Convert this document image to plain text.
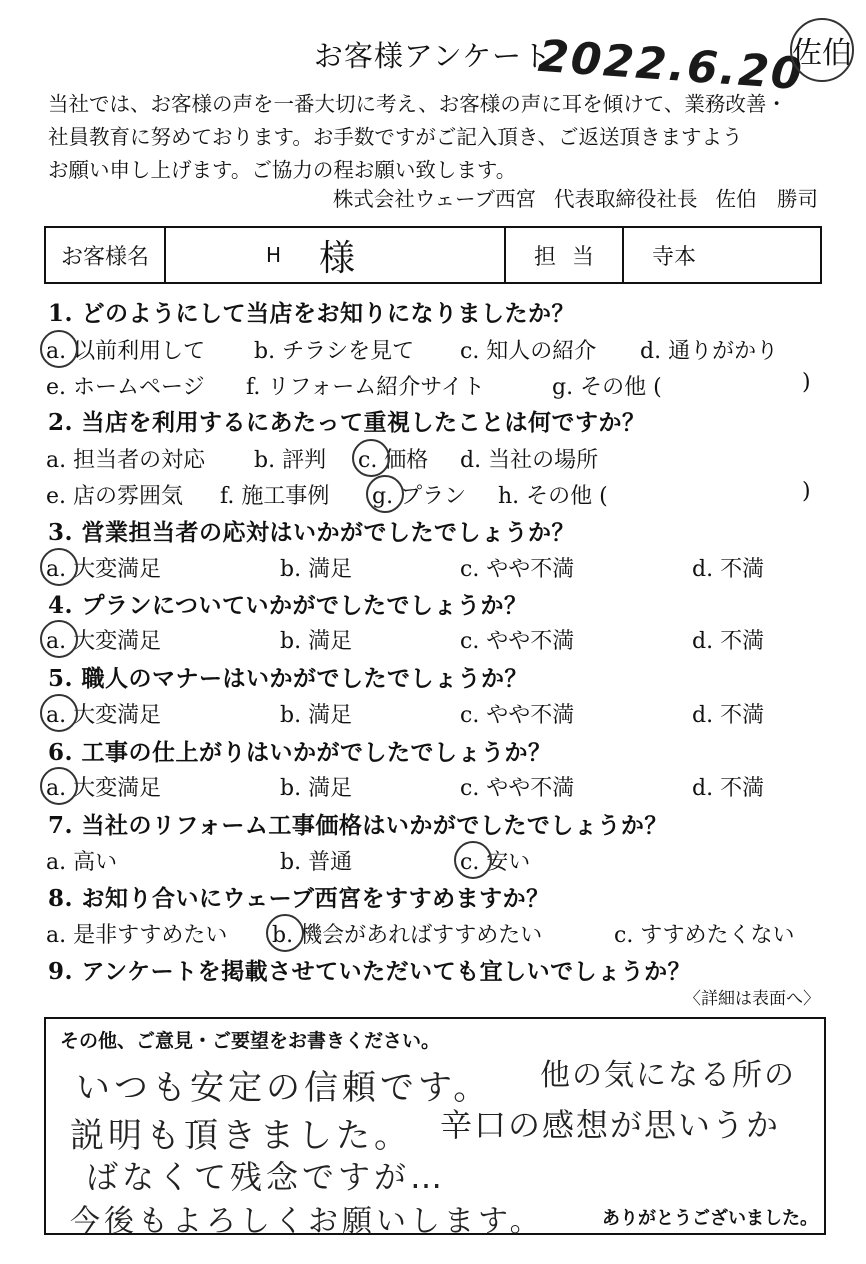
お客様アンケート
2022.6.20
佐伯
当社では、お客様の声を一番大切に考え、お客様の声に耳を傾けて、業務改善・
社員教育に努めております。お手数ですがご記入頂き、ご返送頂きますよう
お願い申し上げます。ご協力の程お願い致します。
株式会社ウェーブ西宮 代表取締役社長 佐伯　勝司
お客様名	H 様	担当	寺本
1. どのようにして当店をお知りになりましたか？
a. 以前利用して b. チラシを見て c. 知人の紹介 d. 通りがかり
e. ホームページ f. リフォーム紹介サイト	g. その他 (	)
2. 当店を利用するにあたって重視したことは何ですか？
a. 担当者の対応 b. 評判 c. 価格 d. 当社の場所
e. 店の雰囲気 f. 施工事例 g. プラン h. その他 (	)
3. 営業担当者の応対はいかがでしたでしょうか？
a. 大変満足	b. 満足	c. やや不満	d. 不満
4. プランについていかがでしたでしょうか？
a. 大変満足	b. 満足	c. やや不満	d. 不満
5. 職人のマナーはいかがでしたでしょうか？
a. 大変満足	b. 満足	c. やや不満	d. 不満
6. 工事の仕上がりはいかがでしたでしょうか？
a. 大変満足	b. 満足	c. やや不満	d. 不満
7. 当社のリフォーム工事価格はいかがでしたでしょうか？
a. 高い	b. 普通	c. 安い
8. お知り合いにウェーブ西宮をすすめますか？
a. 是非すすめたい b. 機会があればすすめたい	c. すすめたくない
9. アンケートを掲載させていただいても宜しいでしょうか？
〈詳細は表面へ〉
その他、ご意見・ご要望をお書きください。
いつも安定の信頼です。 他の気になる所の
説明も頂きました。 辛口の感想が思いうか
ばなくて残念ですが…
今後もよろしくお願いします。	ありがとうございました。
